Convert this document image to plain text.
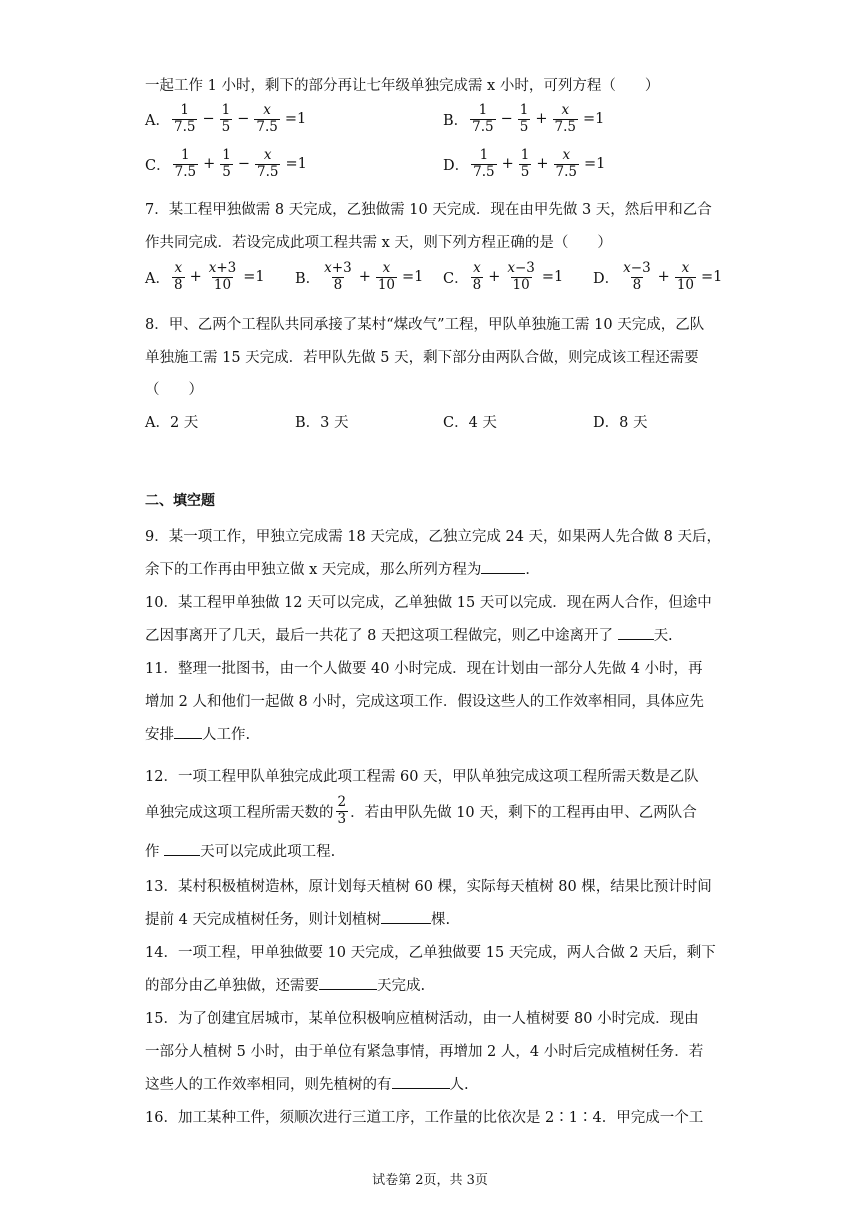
一起工作 1 小时，剩下的部分再让七年级单独完成需 x 小时，可列方程（　　）
A． $\frac{1}{7.5} - \frac{1}{5} - \frac{x}{7.5} =1$	B． $\frac{1}{7.5} - \frac{1}{5} + \frac{x}{7.5} =1$
C． $\frac{1}{7.5} + \frac{1}{5} - \frac{x}{7.5} =1$	D． $\frac{1}{7.5} + \frac{1}{5} + \frac{x}{7.5} =1$
7．某工程甲独做需 8 天完成，乙独做需 10 天完成．现在由甲先做 3 天，然后甲和乙合
作共同完成．若设完成此项工程共需 x 天，则下列方程正确的是（　　）
A． $\frac{x}{8} + \frac{x+3}{10} =1$ B． $\frac{x+3}{8} + \frac{x}{10} =1$ C． $\frac{x}{8} + \frac{x-3}{10} =1$ D． $\frac{x-3}{8} + \frac{x}{10} =1$
8．甲、乙两个工程队共同承接了某村“煤改气”工程，甲队单独施工需 10 天完成，乙队
单独施工需 15 天完成．若甲队先做 5 天，剩下部分由两队合做，则完成该工程还需要
（　　）
A．2 天	B．3 天	C．4 天	D．8 天
二、填空题
9．某一项工作，甲独立完成需 18 天完成，乙独立完成 24 天，如果两人先合做 8 天后，
余下的工作再由甲独立做 x 天完成，那么所列方程为	．
10．某工程甲单独做 12 天可以完成，乙单独做 15 天可以完成．现在两人合作，但途中
乙因事离开了几天，最后一共花了 8 天把这项工程做完，则乙中途离开了 天.
11．整理一批图书，由一个人做要 40 小时完成．现在计划由一部分人先做 4 小时，再
增加 2 人和他们一起做 8 小时，完成这项工作．假设这些人的工作效率相同，具体应先
安排 人工作.
12．一项工程甲队单独完成此项工程需 60 天，甲队单独完成这项工程所需天数是乙队
单独完成这项工程所需天数的 $\frac{2}{3}$ ．若由甲队先做 10 天，剩下的工程再由甲、乙两队合
作 天可以完成此项工程.
13．某村积极植树造林，原计划每天植树 60 棵，实际每天植树 80 棵，结果比预计时间
提前 4 天完成植树任务，则计划植树	棵.
14．一项工程，甲单独做要 10 天完成，乙单独做要 15 天完成，两人合做 2 天后，剩下
的部分由乙单独做，还需要	天完成.
15．为了创建宜居城市，某单位积极响应植树活动，由一人植树要 80 小时完成．现由
一部分人植树 5 小时，由于单位有紧急事情，再增加 2 人，4 小时后完成植树任务．若
这些人的工作效率相同，则先植树的有	人.
16．加工某种工件，须顺次进行三道工序，工作量的比依次是 2∶1∶4．甲完成一个工
试卷第 2页，共 3页
